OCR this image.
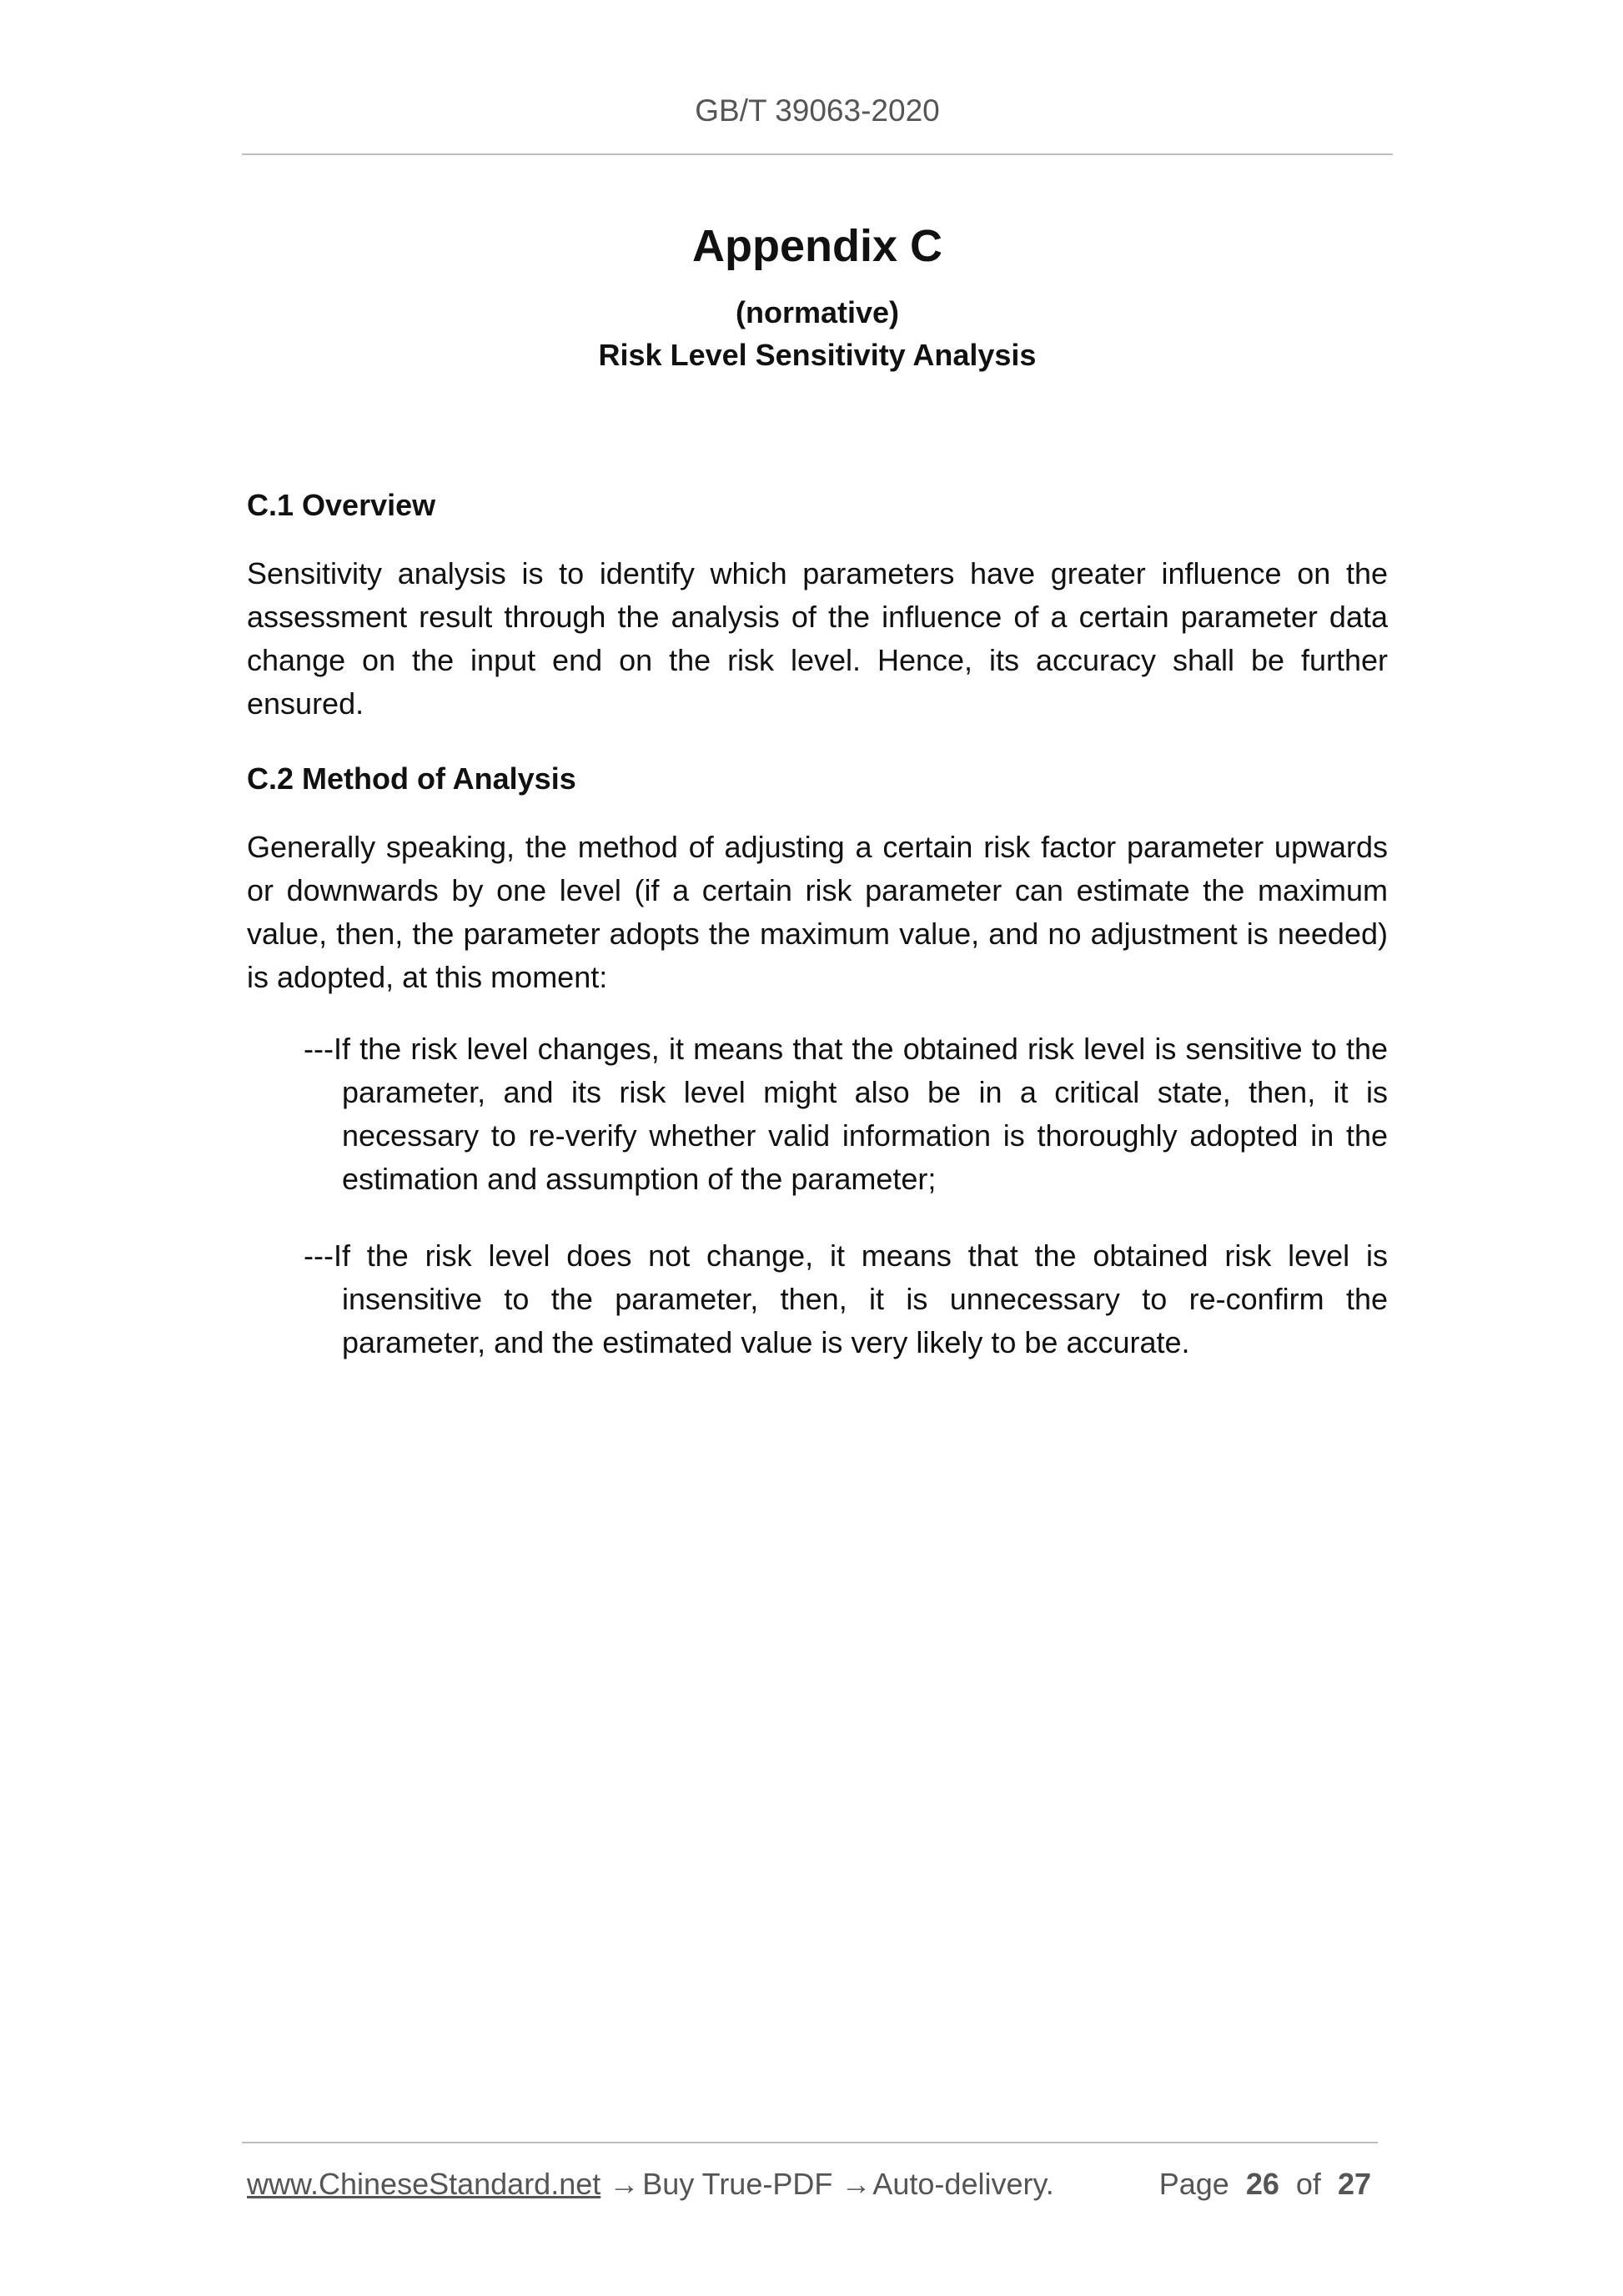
GB/T 39063-2020
Appendix C

(normative)

Risk Level Sensitivity Analysis

C.1 Overview

Sensitivity analysis is to identify which parameters have greater influence on the assessment result through the analysis of the influence of a certain parameter data change on the input end on the risk level. Hence, its accuracy shall be further ensured.

C.2 Method of Analysis

Generally speaking, the method of adjusting a certain risk factor parameter upwards or downwards by one level (if a certain risk parameter can estimate the maximum value, then, the parameter adopts the maximum value, and no adjustment is needed) is adopted, at this moment:

---If the risk level changes, it means that the obtained risk level is sensitive to the parameter, and its risk level might also be in a critical state, then, it is necessary to re-verify whether valid information is thoroughly adopted in the estimation and assumption of the parameter;

---If the risk level does not change, it means that the obtained risk level is insensitive to the parameter, then, it is unnecessary to re-confirm the parameter, and the estimated value is very likely to be accurate.

www.ChineseStandard.net → Buy True-PDF → Auto-delivery.	Page 26 of 27
